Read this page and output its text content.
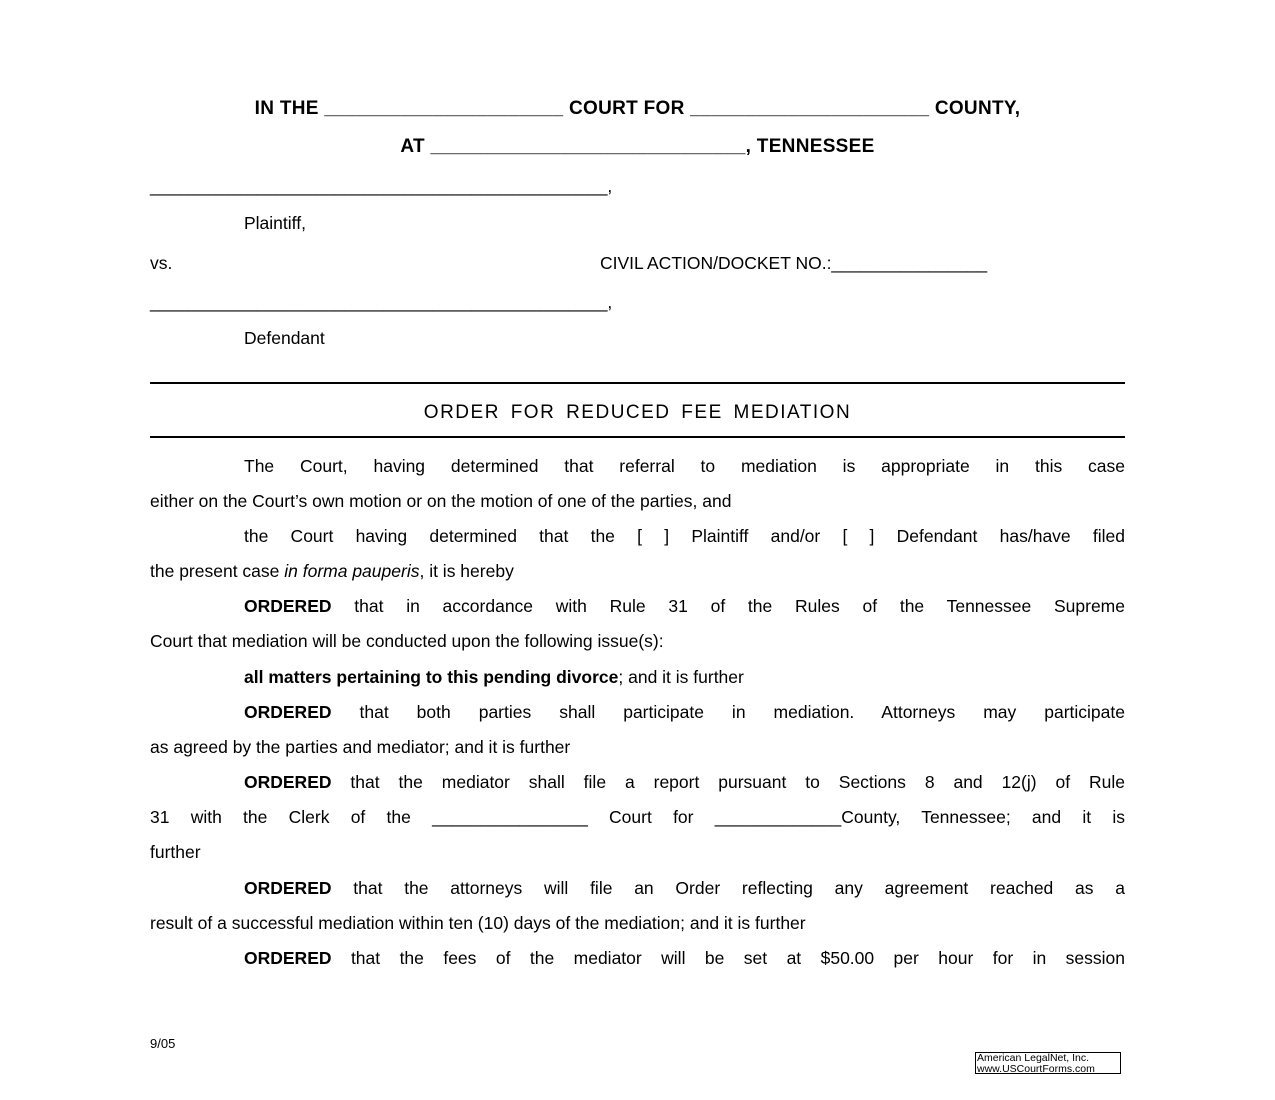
IN THE ______________________ COURT FOR ______________________ COUNTY,
AT _____________________________, TENNESSEE
_______________________________________________,
Plaintiff,
vs.	CIVIL ACTION/DOCKET NO.:________________
_______________________________________________,
Defendant
ORDER FOR REDUCED FEE MEDIATION
The Court, having determined that referral to mediation is appropriate in this case
either on the Court’s own motion or on the motion of one of the parties, and
the Court having determined that the [ ] Plaintiff and/or [ ] Defendant has/have filed
the present case in forma pauperis, it is hereby
ORDERED that in accordance with Rule 31 of the Rules of the Tennessee Supreme
Court that mediation will be conducted upon the following issue(s):
all matters pertaining to this pending divorce; and it is further
ORDERED that both parties shall participate in mediation. Attorneys may participate
as agreed by the parties and mediator; and it is further
ORDERED that the mediator shall file a report pursuant to Sections 8 and 12(j) of Rule
31 with the Clerk of the ________________ Court for _____________County, Tennessee; and it is
further
ORDERED that the attorneys will file an Order reflecting any agreement reached as a
result of a successful mediation within ten (10) days of the mediation; and it is further
ORDERED that the fees of the mediator will be set at $50.00 per hour for in session
9/05
American LegalNet, Inc.
www.USCourtForms.com
